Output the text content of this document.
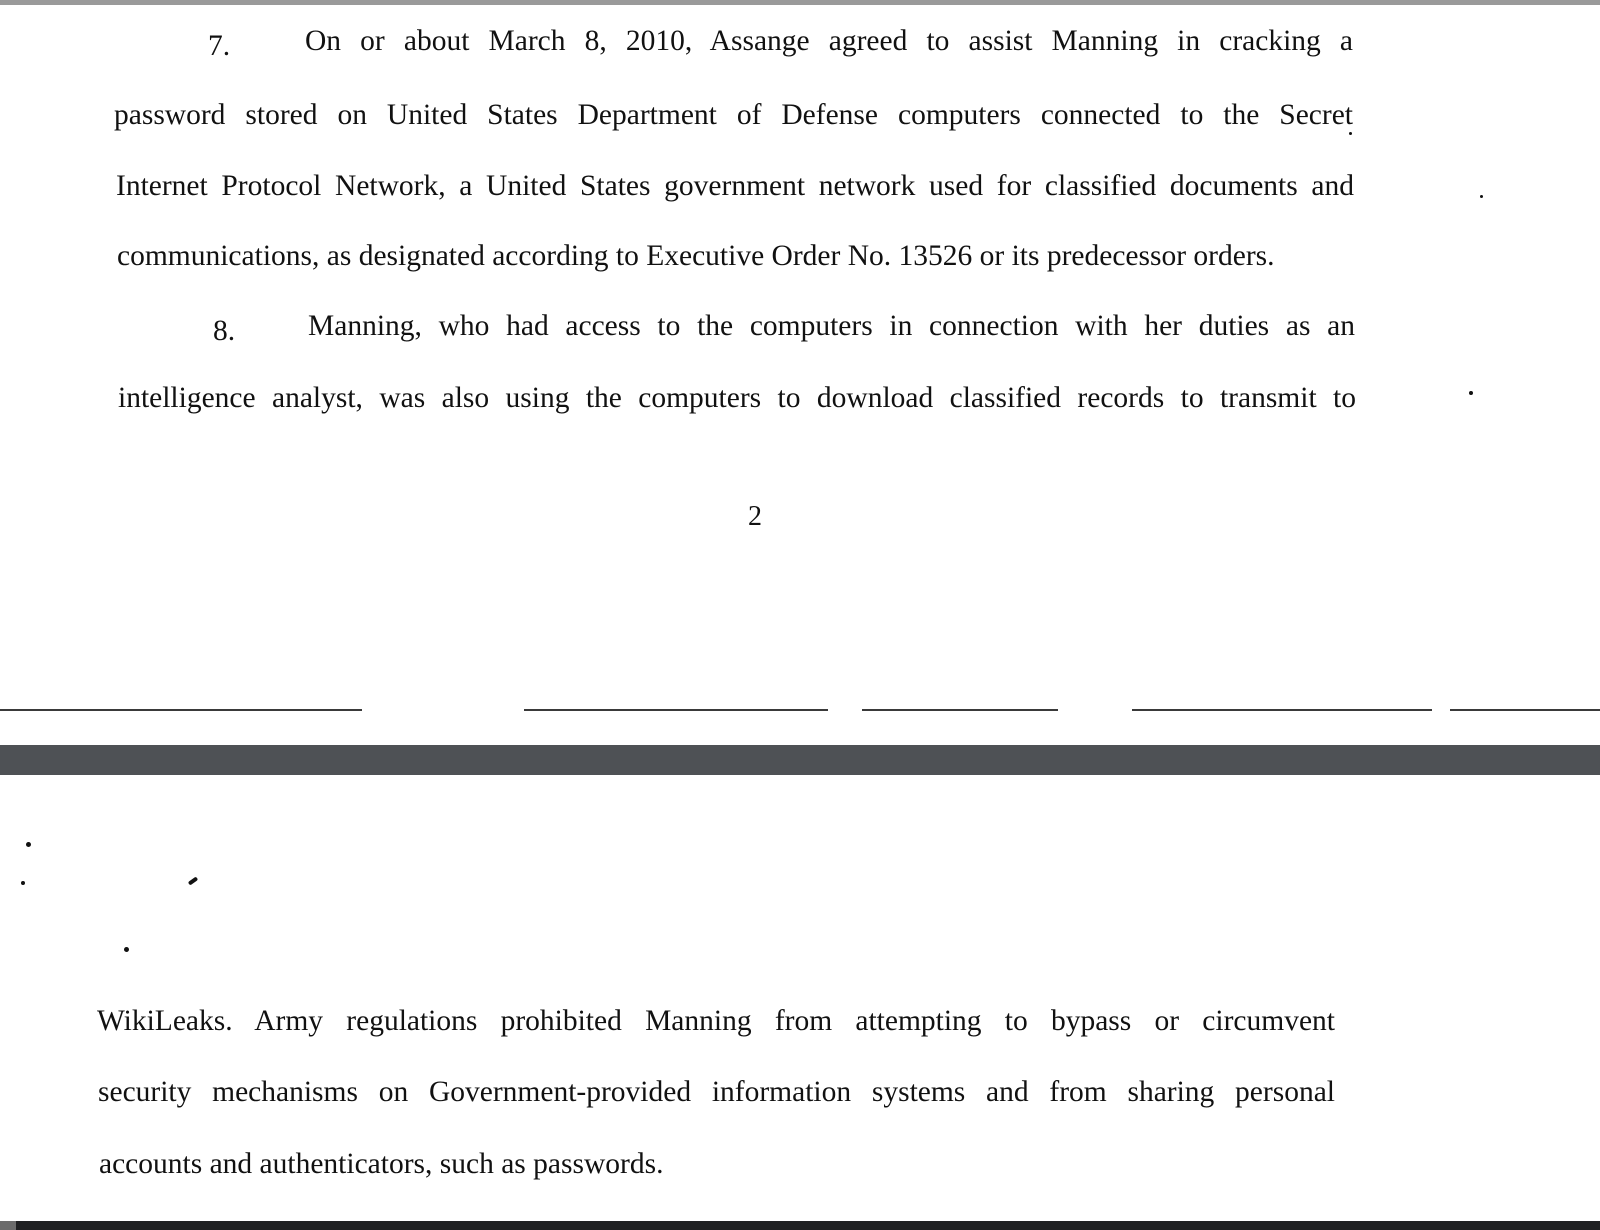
7.	On or about March 8, 2010, Assange agreed to assist Manning in cracking a
password stored on United States Department of Defense computers connected to the Secret
Internet Protocol Network, a United States government network used for classified documents and
communications, as designated according to Executive Order No. 13526 or its predecessor orders.
8. Manning, who had access to the computers in connection with her duties as an
intelligence analyst, was also using the computers to download classified records to transmit to
2
WikiLeaks. Army regulations prohibited Manning from attempting to bypass or circumvent
security mechanisms on Government-provided information systems and from sharing personal
accounts and authenticators, such as passwords.
